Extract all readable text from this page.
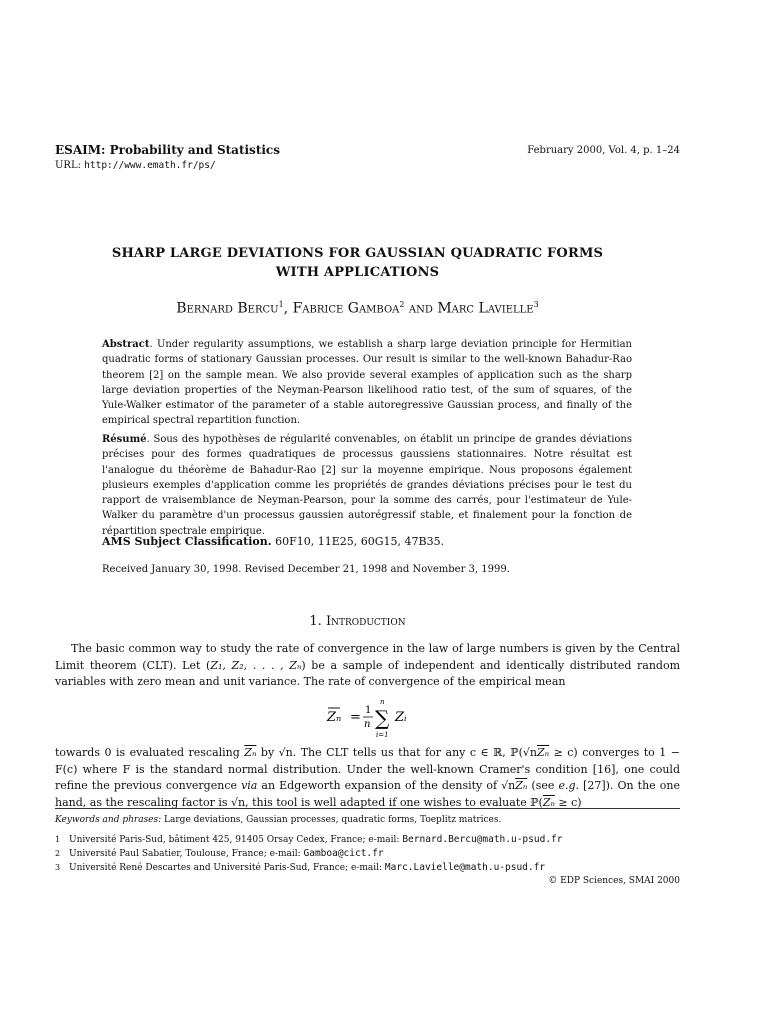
ESAIM: Probability and Statistics	February 2000, Vol. 4, p. 1–24
URL: http://www.emath.fr/ps/
SHARP LARGE DEVIATIONS FOR GAUSSIAN QUADRATIC FORMS
WITH APPLICATIONS
Bernard Bercu$^1$, Fabrice Gamboa$^2$ and Marc Lavielle$^3$
Abstract. Under regularity assumptions, we establish a sharp large deviation principle for Hermitian quadratic forms of stationary Gaussian processes. Our result is similar to the well-known Bahadur-Rao theorem [2] on the sample mean. We also provide several examples of application such as the sharp large deviation properties of the Neyman-Pearson likelihood ratio test, of the sum of squares, of the Yule-Walker estimator of the parameter of a stable autoregressive Gaussian process, and finally of the empirical spectral repartition function.
Résumé. Sous des hypothèses de régularité convenables, on établit un principe de grandes déviations précises pour des formes quadratiques de processus gaussiens stationnaires. Notre résultat est l'analogue du théorème de Bahadur-Rao [2] sur la moyenne empirique. Nous proposons également plusieurs exemples d'application comme les propriétés de grandes déviations précises pour le test du rapport de vraisemblance de Neyman-Pearson, pour la somme des carrés, pour l'estimateur de Yule-Walker du paramètre d'un processus gaussien autorégressif stable, et finalement pour la fonction de répartition spectrale empirique.
AMS Subject Classification. 60F10, 11E25, 60G15, 47B35.
Received January 30, 1998. Revised December 21, 1998 and November 3, 1999.
1. Introduction
The basic common way to study the rate of convergence in the law of large numbers is given by the Central Limit theorem (CLT). Let (Z₁, Z₂, . . . , Zₙ) be a sample of independent and identically distributed random variables with zero mean and unit variance. The rate of convergence of the empirical mean
Zₙ = 1
n
n
∑
i=1
Zᵢ
towards 0 is evaluated rescaling $\overline{Z_n}$ by √n. The CLT tells us that for any c ∈ ℝ, $ℙ(√n\overline{Z_n} \ge c)$ converges to 1 − F(c) where F is the standard normal distribution. Under the well-known Cramer's condition [16], one could refine the previous convergence via an Edgeworth expansion of the density of $√n\overline{Z_n}$ (see e.g. [27]). On the one hand, as the rescaling factor is √n, this tool is well adapted if one wishes to evaluate $ℙ(\overline{Z_n} \ge c)$
Keywords and phrases: Large deviations, Gaussian processes, quadratic forms, Toeplitz matrices.
1 Université Paris-Sud, bâtiment 425, 91405 Orsay Cedex, France; e-mail: Bernard.Bercu@math.u-psud.fr
2 Université Paul Sabatier, Toulouse, France; e-mail: Gamboa@cict.fr
3 Université René Descartes and Université Paris-Sud, France; e-mail: Marc.Lavielle@math.u-psud.fr
© EDP Sciences, SMAI 2000
